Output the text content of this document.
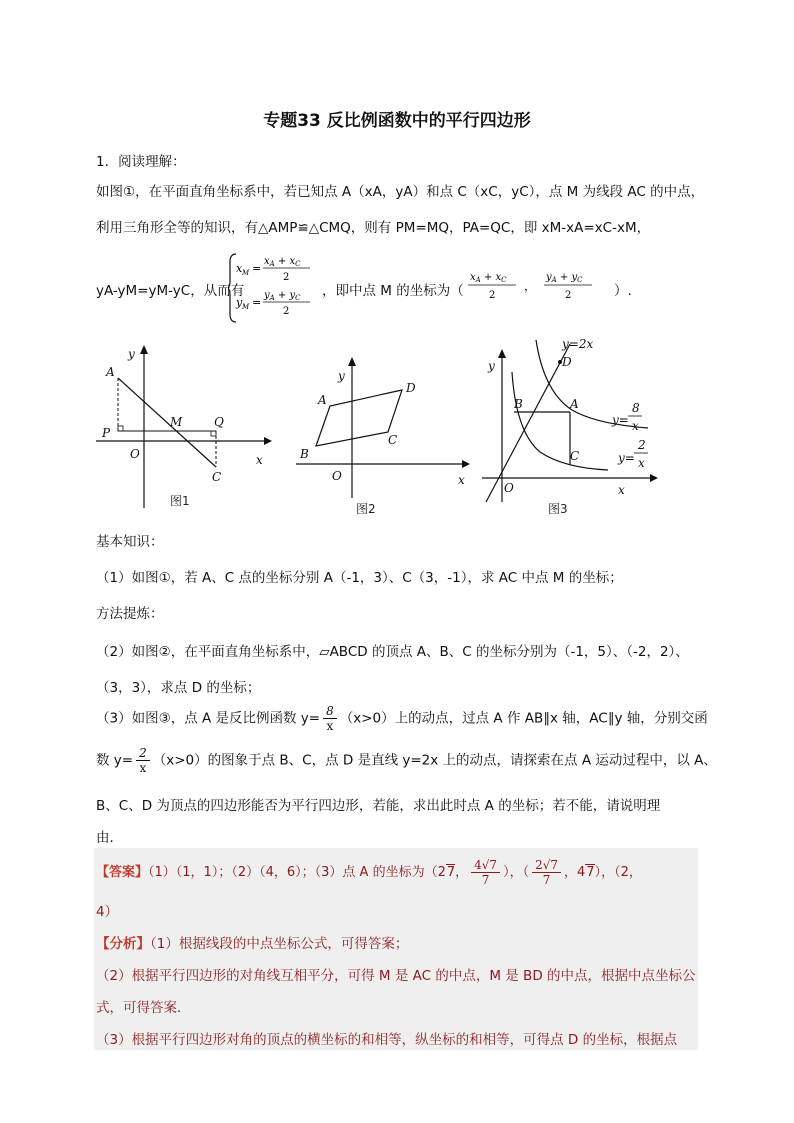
专题33 反比例函数中的平行四边形
1．阅读理解：
如图①，在平面直角坐标系中，若已知点 A（xA，yA）和点 C（xC，yC），点 M 为线段 AC 的中点，
利用三角形全等的知识，有△AMP≌△CMQ，则有 PM=MQ，PA=QC，即 xM-xA=xC-xM，
yA-yM=yM-yC，从而有
x M =
$x_A + x_C$
2
y M =
$y_A + y_C$
2
，即中点 M 的坐标为（
$x_A + x_C$
2
，
$y_A + y_C$
2	）.
y
x
O
A
P
M	Q
C
图1
y
x
O
A
B
C
D
图2
y
x
O
y=2x
D
B	A
C
y=
8
x
y=
2
x
图3
基本知识：
（1）如图①，若 A、C 点的坐标分别 A（-1，3）、C（3，-1），求 AC 中点 M 的坐标；
方法提炼：
（2）如图②，在平面直角坐标系中，▱ABCD 的顶点 A、B、C 的坐标分别为（-1，5）、（-2，2）、
（3，3），求点 D 的坐标；
（3）如图③，点 A 是反比例函数 $y= \frac{8}{x} (x>0)$上的动点，过点 A 作 AB∥x 轴，AC∥y 轴，分别交函
数 $y= \frac{2}{x} (x>0)$的图象于点 B、C，点 D 是直线 y=2x 上的动点，请探索在点 A 运动过程中，以 A、
B、C、D 为顶点的四边形能否为平行四边形，若能，求出此时点 A 的坐标；若不能，请说明理
由．
【答案】（1）（1，1）；（2）（4，6）；（3）点 A 的坐标为（27， $\frac{4√7}{7}$ ），（ $\frac{2√7}{7}$ ，47），（2，
4）
【分析】（1）根据线段的中点坐标公式，可得答案；
（2）根据平行四边形的对角线互相平分，可得 M 是 AC 的中点，M 是 BD 的中点，根据中点坐标公
式，可得答案．
（3）根据平行四边形对角的顶点的横坐标的和相等，纵坐标的和相等，可得点 D 的坐标，根据点
